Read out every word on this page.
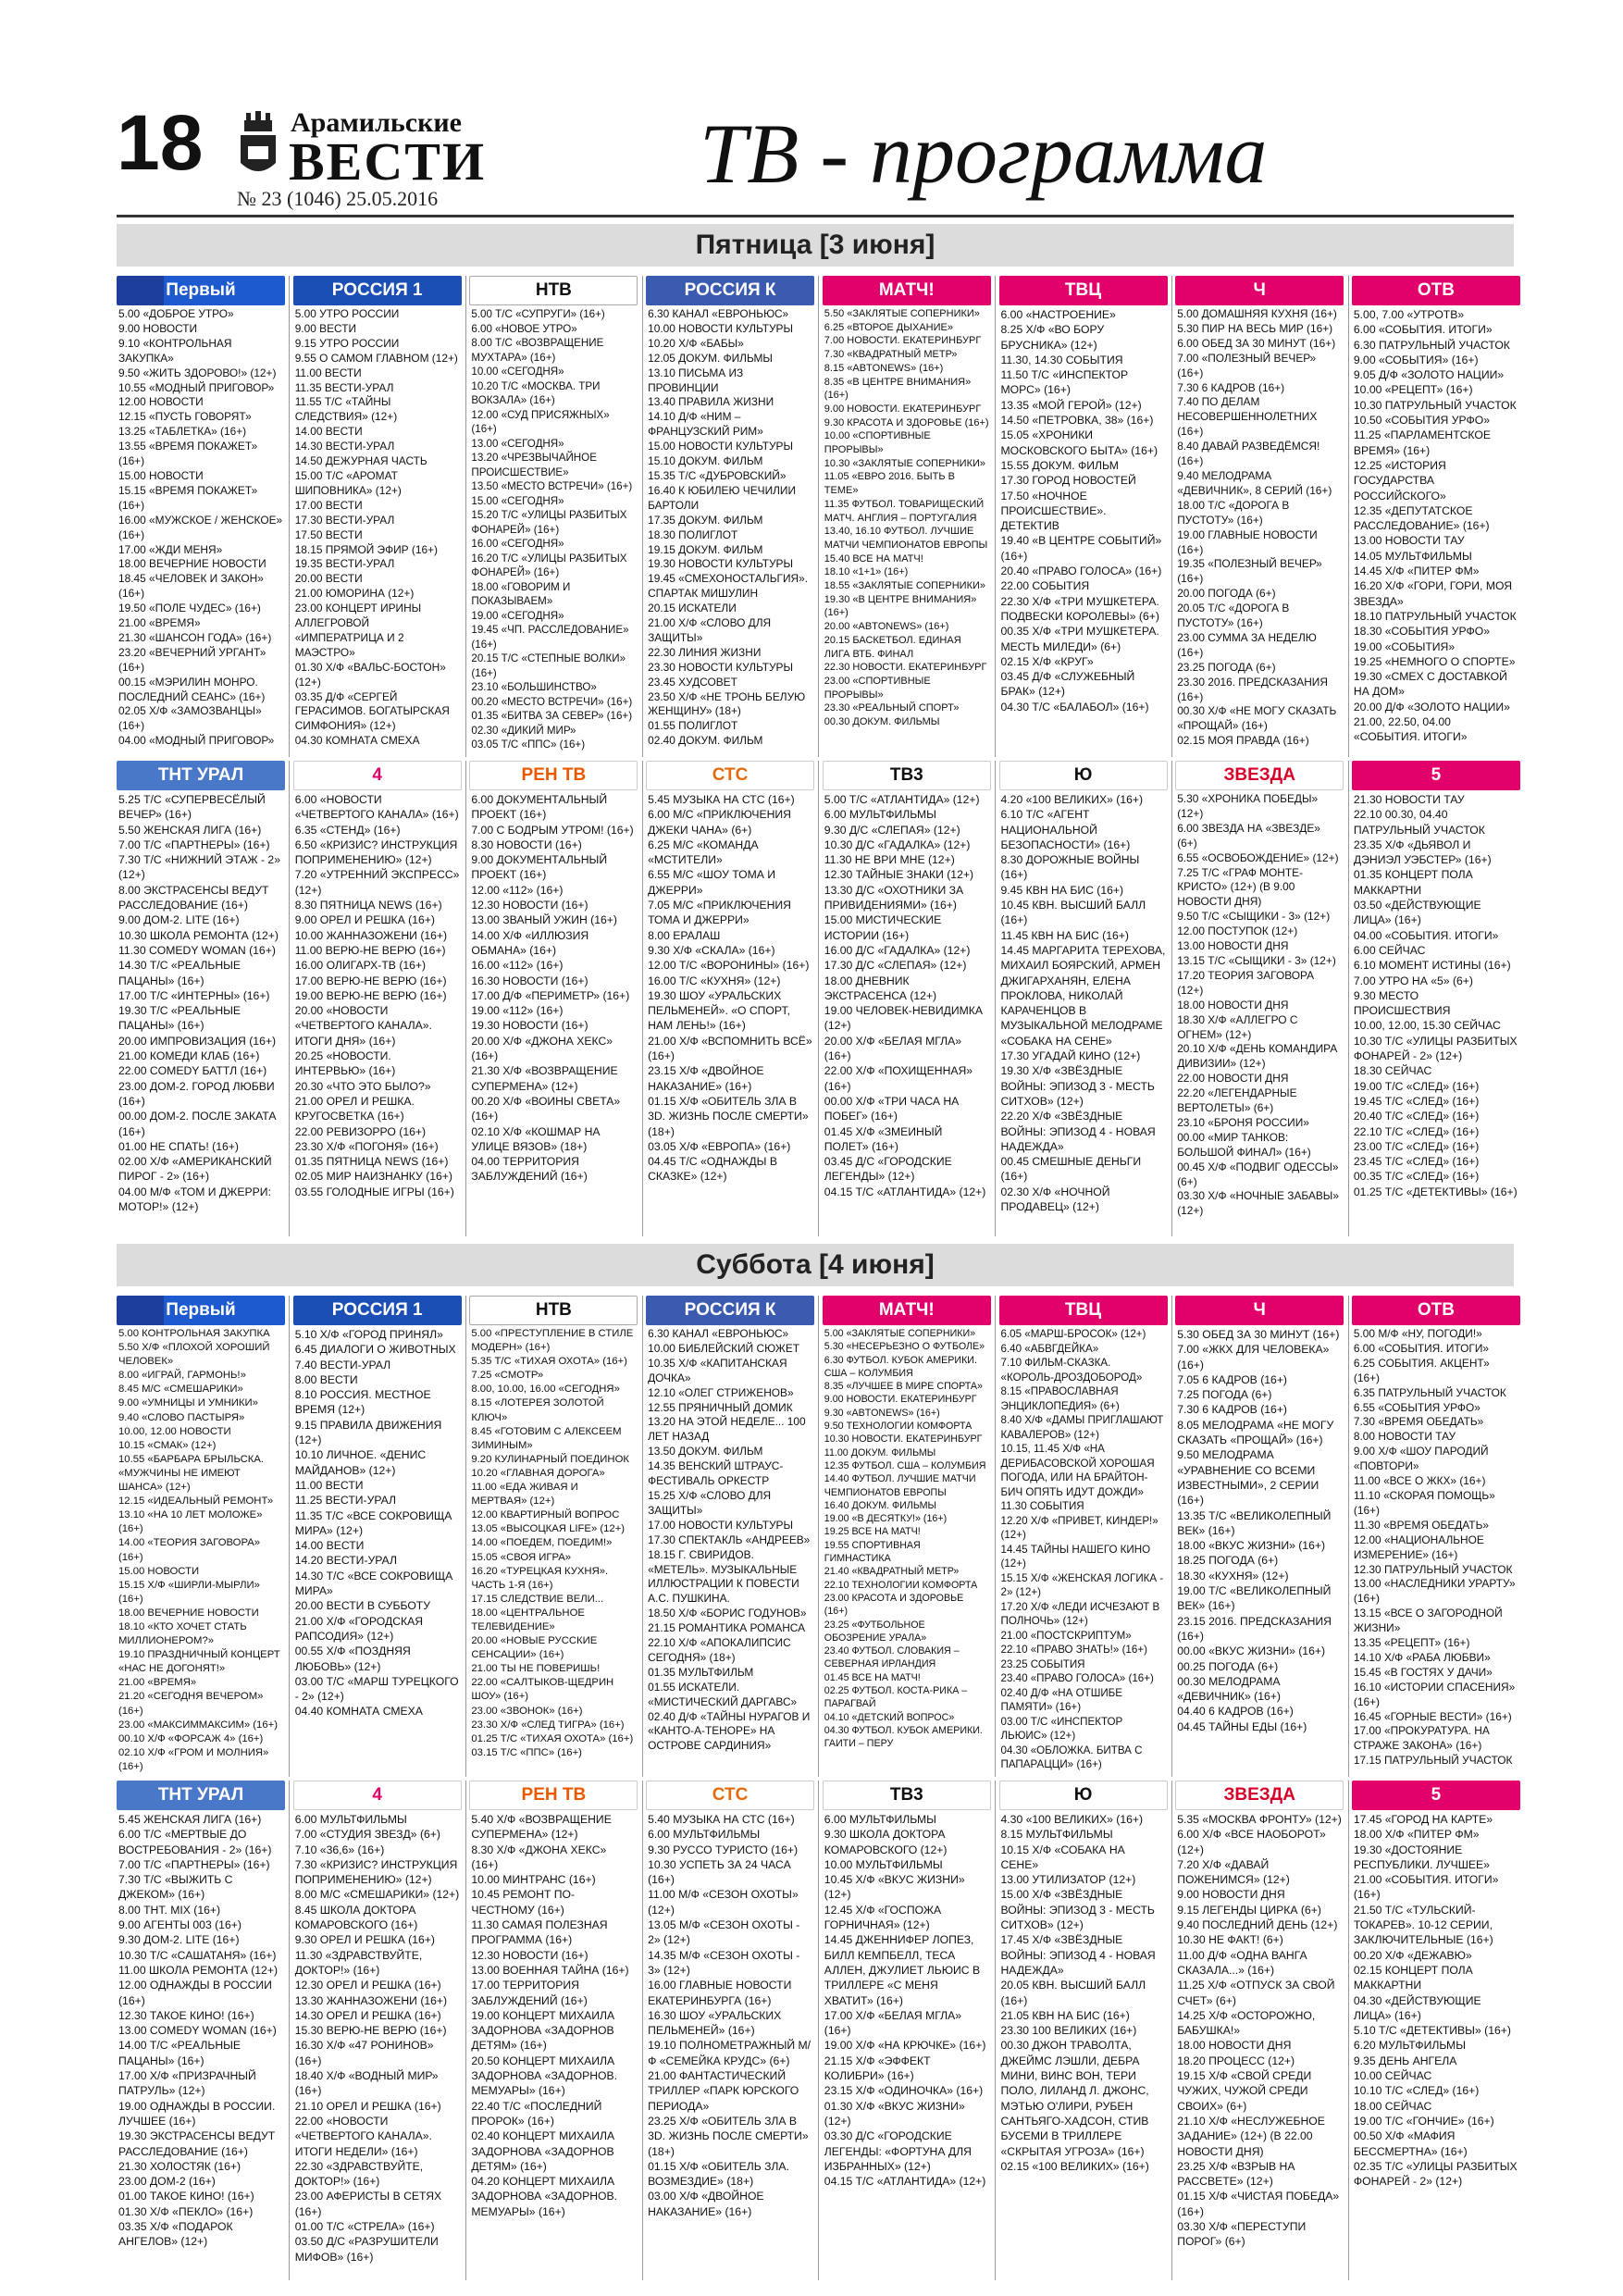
18	Арамильские
ВЕСТИ
№ 23 (1046) 25.05.2016	ТВ - программа
Пятница [3 июня]
Первый
5.00 «ДОБРОЕ УТРО»
9.00 НОВОСТИ
9.10 «КОНТРОЛЬНАЯ ЗАКУПКА»
9.50 «ЖИТЬ ЗДОРОВО!» (12+)
10.55 «МОДНЫЙ ПРИГОВОР»
12.00 НОВОСТИ
12.15 «ПУСТЬ ГОВОРЯТ»
13.25 «ТАБЛЕТКА» (16+)
13.55 «ВРЕМЯ ПОКАЖЕТ» (16+)
15.00 НОВОСТИ
15.15 «ВРЕМЯ ПОКАЖЕТ» (16+)
16.00 «МУЖСКОЕ / ЖЕНСКОЕ» (16+)
17.00 «ЖДИ МЕНЯ»
18.00 ВЕЧЕРНИЕ НОВОСТИ
18.45 «ЧЕЛОВЕК И ЗАКОН» (16+)
19.50 «ПОЛЕ ЧУДЕС» (16+)
21.00 «ВРЕМЯ»
21.30 «ШАНСОН ГОДА» (16+)
23.20 «ВЕЧЕРНИЙ УРГАНТ» (16+)
00.15 «МЭРИЛИН МОНРО. ПОСЛЕДНИЙ СЕАНС» (16+)
02.05 Х/Ф «ЗАМОЗВАНЦЫ» (16+)
04.00 «МОДНЫЙ ПРИГОВОР»
РОССИЯ 1
5.00 УТРО РОССИИ
9.00 ВЕСТИ
9.15 УТРО РОССИИ
9.55 О САМОМ ГЛАВНОМ (12+)
11.00 ВЕСТИ
11.35 ВЕСТИ-УРАЛ
11.55 Т/С «ТАЙНЫ СЛЕДСТВИЯ» (12+)
14.00 ВЕСТИ
14.30 ВЕСТИ-УРАЛ
14.50 ДЕЖУРНАЯ ЧАСТЬ
15.00 Т/С «АРОМАТ ШИПОВНИКА» (12+)
17.00 ВЕСТИ
17.30 ВЕСТИ-УРАЛ
17.50 ВЕСТИ
18.15 ПРЯМОЙ ЭФИР (16+)
19.35 ВЕСТИ-УРАЛ
20.00 ВЕСТИ
21.00 ЮМОРИНА (12+)
23.00 КОНЦЕРТ ИРИНЫ АЛЛЕГРОВОЙ «ИМПЕРАТРИЦА И 2 МАЭСТРО»
01.30 Х/Ф «ВАЛЬС-БОСТОН» (12+)
03.35 Д/Ф «СЕРГЕЙ ГЕРАСИМОВ. БОГАТЫРСКАЯ СИМФОНИЯ» (12+)
04.30 КОМНАТА СМЕХА
НТВ
5.00 Т/С «СУПРУГИ» (16+)
6.00 «НОВОЕ УТРО»
8.00 Т/С «ВОЗВРАЩЕНИЕ МУХТАРА» (16+)
10.00 «СЕГОДНЯ»
10.20 Т/С «МОСКВА. ТРИ ВОКЗАЛА» (16+)
12.00 «СУД ПРИСЯЖНЫХ» (16+)
13.00 «СЕГОДНЯ»
13.20 «ЧРЕЗВЫЧАЙНОЕ ПРОИСШЕСТВИЕ»
13.50 «МЕСТО ВСТРЕЧИ» (16+)
15.00 «СЕГОДНЯ»
15.20 Т/С «УЛИЦЫ РАЗБИТЫХ ФОНАРЕЙ» (16+)
16.00 «СЕГОДНЯ»
16.20 Т/С «УЛИЦЫ РАЗБИТЫХ ФОНАРЕЙ» (16+)
18.00 «ГОВОРИМ И ПОКАЗЫВАЕМ»
19.00 «СЕГОДНЯ»
19.45 «ЧП. РАССЛЕДОВАНИЕ» (16+)
20.15 Т/С «СТЕПНЫЕ ВОЛКИ» (16+)
23.10 «БОЛЬШИНСТВО»
00.20 «МЕСТО ВСТРЕЧИ» (16+)
01.35 «БИТВА ЗА СЕВЕР» (16+)
02.30 «ДИКИЙ МИР»
03.05 Т/С «ППС» (16+)
РОССИЯ К
6.30 КАНАЛ «ЕВРОНЬЮС»
10.00 НОВОСТИ КУЛЬТУРЫ
10.20 Х/Ф «БАБЫ»
12.05 ДОКУМ. ФИЛЬМЫ
13.10 ПИСЬМА ИЗ ПРОВИНЦИИ
13.40 ПРАВИЛА ЖИЗНИ
14.10 Д/Ф «НИМ – ФРАНЦУЗСКИЙ РИМ»
15.00 НОВОСТИ КУЛЬТУРЫ
15.10 ДОКУМ. ФИЛЬМ
15.35 Т/С «ДУБРОВСКИЙ»
16.40 К ЮБИЛЕЮ ЧЕЧИЛИИ БАРТОЛИ
17.35 ДОКУМ. ФИЛЬМ
18.30 ПОЛИГЛОТ
19.15 ДОКУМ. ФИЛЬМ
19.30 НОВОСТИ КУЛЬТУРЫ
19.45 «СМЕХОНОСТАЛЬГИЯ». СПАРТАК МИШУЛИН
20.15 ИСКАТЕЛИ
21.00 Х/Ф «СЛОВО ДЛЯ ЗАЩИТЫ»
22.30 ЛИНИЯ ЖИЗНИ
23.30 НОВОСТИ КУЛЬТУРЫ
23.45 ХУДСОВЕТ
23.50 Х/Ф «НЕ ТРОНЬ БЕЛУЮ ЖЕНЩИНУ» (18+)
01.55 ПОЛИГЛОТ
02.40 ДОКУМ. ФИЛЬМ
МАТЧ!
5.50 «ЗАКЛЯТЫЕ СОПЕРНИКИ»
6.25 «ВТОРОЕ ДЫХАНИЕ»
7.00 НОВОСТИ. ЕКАТЕРИНБУРГ
7.30 «КВАДРАТНЫЙ МЕТР»
8.15 «ABTONEWS» (16+)
8.35 «В ЦЕНТРЕ ВНИМАНИЯ» (16+)
9.00 НОВОСТИ. ЕКАТЕРИНБУРГ
9.30 КРАСОТА И ЗДОРОВЬЕ (16+)
10.00 «СПОРТИВНЫЕ ПРОРЫВЫ»
10.30 «ЗАКЛЯТЫЕ СОПЕРНИКИ»
11.05 «ЕВРО 2016. БЫТЬ В ТЕМЕ»
11.35 ФУТБОЛ. ТОВАРИЩЕСКИЙ МАТЧ. АНГЛИЯ – ПОРТУГАЛИЯ
13.40, 16.10 ФУТБОЛ. ЛУЧШИЕ МАТЧИ ЧЕМПИОНАТОВ ЕВРОПЫ
15.40 ВСЕ НА МАТЧ!
18.10 «1+1» (16+)
18.55 «ЗАКЛЯТЫЕ СОПЕРНИКИ»
19.30 «В ЦЕНТРЕ ВНИМАНИЯ» (16+)
20.00 «ABTONEWS» (16+)
20.15 БАСКЕТБОЛ. ЕДИНАЯ ЛИГА ВТБ. ФИНАЛ
22.30 НОВОСТИ. ЕКАТЕРИНБУРГ
23.00 «СПОРТИВНЫЕ ПРОРЫВЫ»
23.30 «РЕАЛЬНЫЙ СПОРТ»
00.30 ДОКУМ. ФИЛЬМЫ
ТВЦ
6.00 «НАСТРОЕНИЕ»
8.25 Х/Ф «ВО БОРУ БРУСНИКА» (12+)
11.30, 14.30 СОБЫТИЯ
11.50 Т/С «ИНСПЕКТОР МОРС» (16+)
13.35 «МОЙ ГЕРОЙ» (12+)
14.50 «ПЕТРОВКА, 38» (16+)
15.05 «ХРОНИКИ МОСКОВСКОГО БЫТА» (16+)
15.55 ДОКУМ. ФИЛЬМ
17.30 ГОРОД НОВОСТЕЙ
17.50 «НОЧНОЕ ПРОИСШЕСТВИЕ». ДЕТЕКТИВ
19.40 «В ЦЕНТРЕ СОБЫТИЙ» (16+)
20.40 «ПРАВО ГОЛОСА» (16+)
22.00 СОБЫТИЯ
22.30 Х/Ф «ТРИ МУШКЕТЕРА. ПОДВЕСКИ КОРОЛЕВЫ» (6+)
00.35 Х/Ф «ТРИ МУШКЕТЕРА. МЕСТЬ МИЛЕДИ» (6+)
02.15 Х/Ф «КРУГ»
03.45 Д/Ф «СЛУЖЕБНЫЙ БРАК» (12+)
04.30 Т/С «БАЛАБОЛ» (16+)
Ч
5.00 ДОМАШНЯЯ КУХНЯ (16+)
5.30 ПИР НА ВЕСЬ МИР (16+)
6.00 ОБЕД ЗА 30 МИНУТ (16+)
7.00 «ПОЛЕЗНЫЙ ВЕЧЕР» (16+)
7.30 6 КАДРОВ (16+)
7.40 ПО ДЕЛАМ НЕСОВЕРШЕННОЛЕТНИХ (16+)
8.40 ДАВАЙ РАЗВЕДЁМСЯ! (16+)
9.40 МЕЛОДРАМА «ДЕВИЧНИК», 8 СЕРИЙ (16+)
18.00 Т/С «ДОРОГА В ПУСТОТУ» (16+)
19.00 ГЛАВНЫЕ НОВОСТИ (16+)
19.35 «ПОЛЕЗНЫЙ ВЕЧЕР» (16+)
20.00 ПОГОДА (6+)
20.05 Т/С «ДОРОГА В ПУСТОТУ» (16+)
23.00 СУММА ЗА НЕДЕЛЮ (16+)
23.25 ПОГОДА (6+)
23.30 2016. ПРЕДСКАЗАНИЯ (16+)
00.30 Х/Ф «НЕ МОГУ СКАЗАТЬ «ПРОЩАЙ» (16+)
02.15 МОЯ ПРАВДА (16+)
ОТВ
5.00, 7.00 «УТРОТВ»
6.00 «СОБЫТИЯ. ИТОГИ»
6.30 ПАТРУЛЬНЫЙ УЧАСТОК
9.00 «СОБЫТИЯ» (16+)
9.05 Д/Ф «ЗОЛОТО НАЦИИ»
10.00 «РЕЦЕПТ» (16+)
10.30 ПАТРУЛЬНЫЙ УЧАСТОК
10.50 «СОБЫТИЯ УРФО»
11.25 «ПАРЛАМЕНТСКОЕ ВРЕМЯ» (16+)
12.25 «ИСТОРИЯ ГОСУДАРСТВА РОССИЙСКОГО»
12.35 «ДЕПУТАТСКОЕ РАССЛЕДОВАНИЕ» (16+)
13.00 НОВОСТИ ТАУ
14.05 МУЛЬТФИЛЬМЫ
14.45 Х/Ф «ПИТЕР ФМ»
16.20 Х/Ф «ГОРИ, ГОРИ, МОЯ ЗВЕЗДА»
18.10 ПАТРУЛЬНЫЙ УЧАСТОК
18.30 «СОБЫТИЯ УРФО»
19.00 «СОБЫТИЯ»
19.25 «НЕМНОГО О СПОРТЕ»
19.30 «СМЕХ С ДОСТАВКОЙ НА ДОМ»
20.00 Д/Ф «ЗОЛОТО НАЦИИ»
21.00, 22.50, 04.00 «СОБЫТИЯ. ИТОГИ»
ТНТ УРАЛ
5.25 Т/С «СУПЕРВЕСЁЛЫЙ ВЕЧЕР» (16+)
5.50 ЖЕНСКАЯ ЛИГА (16+)
7.00 Т/С «ПАРТНЕРЫ» (16+)
7.30 Т/С «НИЖНИЙ ЭТАЖ - 2» (12+)
8.00 ЭКСТРАСЕНСЫ ВЕДУТ РАССЛЕДОВАНИЕ (16+)
9.00 ДОМ-2. LITE (16+)
10.30 ШКОЛА РЕМОНТА (12+)
11.30 COMEDY WOMAN (16+)
14.30 Т/С «РЕАЛЬНЫЕ ПАЦАНЫ» (16+)
17.00 Т/С «ИНТЕРНЫ» (16+)
19.30 Т/С «РЕАЛЬНЫЕ ПАЦАНЫ» (16+)
20.00 ИМПРОВИЗАЦИЯ (16+)
21.00 КОМЕДИ КЛАБ (16+)
22.00 COMEDY БАТТЛ (16+)
23.00 ДОМ-2. ГОРОД ЛЮБВИ (16+)
00.00 ДОМ-2. ПОСЛЕ ЗАКАТА (16+)
01.00 НЕ СПАТЬ! (16+)
02.00 Х/Ф «АМЕРИКАНСКИЙ ПИРОГ - 2» (16+)
04.00 М/Ф «ТОМ И ДЖЕРРИ: МОТОР!» (12+)
4
6.00 «НОВОСТИ «ЧЕТВЕРТОГО КАНАЛА» (16+)
6.35 «СТЕНД» (16+)
6.50 «КРИЗИС? ИНСТРУКЦИЯ ПОПРИМЕНЕНИЮ» (12+)
7.20 «УТРЕННИЙ ЭКСПРЕСС» (12+)
8.30 ПЯТНИЦА NEWS (16+)
9.00 ОРЕЛ И РЕШКА (16+)
10.00 ЖАННАЗОЖЕНИ (16+)
11.00 ВЕРЮ-НЕ ВЕРЮ (16+)
16.00 ОЛИГАРХ-ТВ (16+)
17.00 ВЕРЮ-НЕ ВЕРЮ (16+)
19.00 ВЕРЮ-НЕ ВЕРЮ (16+)
20.00 «НОВОСТИ «ЧЕТВЕРТОГО КАНАЛА». ИТОГИ ДНЯ» (16+)
20.25 «НОВОСТИ. ИНТЕРВЬЮ» (16+)
20.30 «ЧТО ЭТО БЫЛО?»
21.00 ОРЕЛ И РЕШКА. КРУГОСВЕТКА (16+)
22.00 РЕВИЗОРРО (16+)
23.30 Х/Ф «ПОГОНЯ» (16+)
01.35 ПЯТНИЦА NEWS (16+)
02.05 МИР НАИЗНАНКУ (16+)
03.55 ГОЛОДНЫЕ ИГРЫ (16+)
РЕН ТВ
6.00 ДОКУМЕНТАЛЬНЫЙ ПРОЕКТ (16+)
7.00 С БОДРЫМ УТРОМ! (16+)
8.30 НОВОСТИ (16+)
9.00 ДОКУМЕНТАЛЬНЫЙ ПРОЕКТ (16+)
12.00 «112» (16+)
12.30 НОВОСТИ (16+)
13.00 ЗВАНЫЙ УЖИН (16+)
14.00 Х/Ф «ИЛЛЮЗИЯ ОБМАНА» (16+)
16.00 «112» (16+)
16.30 НОВОСТИ (16+)
17.00 Д/Ф «ПЕРИМЕТР» (16+)
19.00 «112» (16+)
19.30 НОВОСТИ (16+)
20.00 Х/Ф «ДЖОНА ХЕКС» (16+)
21.30 Х/Ф «ВОЗВРАЩЕНИЕ СУПЕРМЕНА» (12+)
00.20 Х/Ф «ВОИНЫ СВЕТА» (16+)
02.10 Х/Ф «КОШМАР НА УЛИЦЕ ВЯЗОВ» (18+)
04.00 ТЕРРИТОРИЯ ЗАБЛУЖДЕНИЙ (16+)
СТС
5.45 МУЗЫКА НА СТС (16+)
6.00 М/С «ПРИКЛЮЧЕНИЯ ДЖЕКИ ЧАНА» (6+)
6.25 М/С «КОМАНДА «МСТИТЕЛИ»
6.55 М/С «ШОУ ТОМА И ДЖЕРРИ»
7.05 М/С «ПРИКЛЮЧЕНИЯ ТОМА И ДЖЕРРИ»
8.00 ЕРАЛАШ
9.30 Х/Ф «СКАЛА» (16+)
12.00 Т/С «ВОРОНИНЫ» (16+)
16.00 Т/С «КУХНЯ» (12+)
19.30 ШОУ «УРАЛЬСКИХ ПЕЛЬМЕНЕЙ». «О СПОРТ, НАМ ЛЕНЬ!» (16+)
21.00 Х/Ф «ВСПОМНИТЬ ВСЁ» (16+)
23.15 Х/Ф «ДВОЙНОЕ НАКАЗАНИЕ» (16+)
01.15 Х/Ф «ОБИТЕЛЬ ЗЛА В 3D. ЖИЗНЬ ПОСЛЕ СМЕРТИ» (18+)
03.05 Х/Ф «ЕВРОПА» (16+)
04.45 Т/С «ОДНАЖДЫ В СКАЗКЕ» (12+)
ТВ3
5.00 Т/С «АТЛАНТИДА» (12+)
6.00 МУЛЬТФИЛЬМЫ
9.30 Д/С «СЛЕПАЯ» (12+)
10.30 Д/С «ГАДАЛКА» (12+)
11.30 НЕ ВРИ МНЕ (12+)
12.30 ТАЙНЫЕ ЗНАКИ (12+)
13.30 Д/С «ОХОТНИКИ ЗА ПРИВИДЕНИЯМИ» (16+)
15.00 МИСТИЧЕСКИЕ ИСТОРИИ (16+)
16.00 Д/С «ГАДАЛКА» (12+)
17.30 Д/С «СЛЕПАЯ» (12+)
18.00 ДНЕВНИК ЭКСТРАСЕНСА (12+)
19.00 ЧЕЛОВЕК-НЕВИДИМКА (12+)
20.00 Х/Ф «БЕЛАЯ МГЛА» (16+)
22.00 Х/Ф «ПОХИЩЕННАЯ» (16+)
00.00 Х/Ф «ТРИ ЧАСА НА ПОБЕГ» (16+)
01.45 Х/Ф «ЗМЕИНЫЙ ПОЛЕТ» (16+)
03.45 Д/С «ГОРОДСКИЕ ЛЕГЕНДЫ» (12+)
04.15 Т/С «АТЛАНТИДА» (12+)
Ю
4.20 «100 ВЕЛИКИХ» (16+)
6.10 Т/С «АГЕНТ НАЦИОНАЛЬНОЙ БЕЗОПАСНОСТИ» (16+)
8.30 ДОРОЖНЫЕ ВОЙНЫ (16+)
9.45 КВН НА БИС (16+)
10.45 КВН. ВЫСШИЙ БАЛЛ (16+)
11.45 КВН НА БИС (16+)
14.45 МАРГАРИТА ТЕРЕХОВА, МИХАИЛ БОЯРСКИЙ, АРМЕН ДЖИГАРХАНЯН, ЕЛЕНА ПРОКЛОВА, НИКОЛАЙ КАРАЧЕНЦОВ В МУЗЫКАЛЬНОЙ МЕЛОДРАМЕ «СОБАКА НА СЕНЕ»
17.30 УГАДАЙ КИНО (12+)
19.30 Х/Ф «ЗВЁЗДНЫЕ ВОЙНЫ: ЭПИЗОД 3 - МЕСТЬ СИТХОВ» (12+)
22.20 Х/Ф «ЗВЁЗДНЫЕ ВОЙНЫ: ЭПИЗОД 4 - НОВАЯ НАДЕЖДА»
00.45 СМЕШНЫЕ ДЕНЬГИ (16+)
02.30 Х/Ф «НОЧНОЙ ПРОДАВЕЦ» (12+)
ЗВЕЗДА
5.30 «ХРОНИКА ПОБЕДЫ» (12+)
6.00 ЗВЕЗДА НА «ЗВЕЗДЕ» (6+)
6.55 «ОСВОБОЖДЕНИЕ» (12+)
7.25 Т/С «ГРАФ МОНТЕ-КРИСТО» (12+) (В 9.00 НОВОСТИ ДНЯ)
9.50 Т/С «СЫЩИКИ - 3» (12+)
12.00 ПОСТУПОК (12+)
13.00 НОВОСТИ ДНЯ
13.15 Т/С «СЫЩИКИ - 3» (12+)
17.20 ТЕОРИЯ ЗАГОВОРА (12+)
18.00 НОВОСТИ ДНЯ
18.30 Х/Ф «АЛЛЕГРО С ОГНЕМ» (12+)
20.10 Х/Ф «ДЕНЬ КОМАНДИРА ДИВИЗИИ» (12+)
22.00 НОВОСТИ ДНЯ
22.20 «ЛЕГЕНДАРНЫЕ ВЕРТОЛЕТЫ» (6+)
23.10 «БРОНЯ РОССИИ»
00.00 «МИР ТАНКОВ: БОЛЬШОЙ ФИНАЛ» (16+)
00.45 Х/Ф «ПОДВИГ ОДЕССЫ» (6+)
03.30 Х/Ф «НОЧНЫЕ ЗАБАВЫ» (12+)
5
21.30 НОВОСТИ ТАУ
22.10 00.30, 04.40 ПАТРУЛЬНЫЙ УЧАСТОК
23.35 Х/Ф «ДЬЯВОЛ И ДЭНИЭЛ УЭБСТЕР» (16+)
01.35 КОНЦЕРТ ПОЛА МАККАРТНИ
03.50 «ДЕЙСТВУЮЩИЕ ЛИЦА» (16+)
04.00 «СОБЫТИЯ. ИТОГИ»
6.00 СЕЙЧАС
6.10 МОМЕНТ ИСТИНЫ (16+)
7.00 УТРО НА «5» (6+)
9.30 МЕСТО ПРОИСШЕСТВИЯ
10.00, 12.00, 15.30 СЕЙЧАС
10.30 Т/С «УЛИЦЫ РАЗБИТЫХ ФОНАРЕЙ - 2» (12+)
18.30 СЕЙЧАС
19.00 Т/С «СЛЕД» (16+)
19.45 Т/С «СЛЕД» (16+)
20.40 Т/С «СЛЕД» (16+)
22.10 Т/С «СЛЕД» (16+)
23.00 Т/С «СЛЕД» (16+)
23.45 Т/С «СЛЕД» (16+)
00.35 Т/С «СЛЕД» (16+)
01.25 Т/С «ДЕТЕКТИВЫ» (16+)
Суббота [4 июня]
Первый
5.00 КОНТРОЛЬНАЯ ЗАКУПКА
5.50 Х/Ф «ПЛОХОЙ ХОРОШИЙ ЧЕЛОВЕК»
8.00 «ИГРАЙ, ГАРМОНЬ!»
8.45 М/С «СМЕШАРИКИ»
9.00 «УМНИЦЫ И УМНИКИ»
9.40 «СЛОВО ПАСТЫРЯ»
10.00, 12.00 НОВОСТИ
10.15 «СМАК» (12+)
10.55 «БАРБАРА БРЫЛЬСКА. «МУЖЧИНЫ НЕ ИМЕЮТ ШАНСА» (12+)
12.15 «ИДЕАЛЬНЫЙ РЕМОНТ»
13.10 «НА 10 ЛЕТ МОЛОЖЕ» (16+)
14.00 «ТЕОРИЯ ЗАГОВОРА» (16+)
15.00 НОВОСТИ
15.15 Х/Ф «ШИРЛИ-МЫРЛИ» (16+)
18.00 ВЕЧЕРНИЕ НОВОСТИ
18.10 «КТО ХОЧЕТ СТАТЬ МИЛЛИОНЕРОМ?»
19.10 ПРАЗДНИЧНЫЙ КОНЦЕРТ «НАС НЕ ДОГОНЯТ!»
21.00 «ВРЕМЯ»
21.20 «СЕГОДНЯ ВЕЧЕРОМ» (16+)
23.00 «МАКСИММАКСИМ» (16+)
00.10 Х/Ф «ФОРСАЖ 4» (16+)
02.10 Х/Ф «ГРОМ И МОЛНИЯ» (16+)
РОССИЯ 1
5.10 Х/Ф «ГОРОД ПРИНЯЛ»
6.45 ДИАЛОГИ О ЖИВОТНЫХ
7.40 ВЕСТИ-УРАЛ
8.00 ВЕСТИ
8.10 РОССИЯ. МЕСТНОЕ ВРЕМЯ (12+)
9.15 ПРАВИЛА ДВИЖЕНИЯ (12+)
10.10 ЛИЧНОЕ. «ДЕНИС МАЙДАНОВ» (12+)
11.00 ВЕСТИ
11.25 ВЕСТИ-УРАЛ
11.35 Т/С «ВСЕ СОКРОВИЩА МИРА» (12+)
14.00 ВЕСТИ
14.20 ВЕСТИ-УРАЛ
14.30 Т/С «ВСЕ СОКРОВИЩА МИРА»
20.00 ВЕСТИ В СУББОТУ
21.00 Х/Ф «ГОРОДСКАЯ РАПСОДИЯ» (12+)
00.55 Х/Ф «ПОЗДНЯЯ ЛЮБОВЬ» (12+)
03.00 Т/С «МАРШ ТУРЕЦКОГО - 2» (12+)
04.40 КОМНАТА СМЕХА
НТВ
5.00 «ПРЕСТУПЛЕНИЕ В СТИЛЕ МОДЕРН» (16+)
5.35 Т/С «ТИХАЯ ОХОТА» (16+)
7.25 «СМОТР»
8.00, 10.00, 16.00 «СЕГОДНЯ»
8.15 «ЛОТЕРЕЯ ЗОЛОТОЙ КЛЮЧ»
8.45 «ГОТОВИМ С АЛЕКСЕЕМ ЗИМИНЫМ»
9.20 КУЛИНАРНЫЙ ПОЕДИНОК
10.20 «ГЛАВНАЯ ДОРОГА»
11.00 «ЕДА ЖИВАЯ И МЕРТВАЯ» (12+)
12.00 КВАРТИРНЫЙ ВОПРОС
13.05 «ВЫСОЦКАЯ LIFE» (12+)
14.00 «ПОЕДЕМ, ПОЕДИМ!»
15.05 «СВОЯ ИГРА»
16.20 «ТУРЕЦКАЯ КУХНЯ». ЧАСТЬ 1-Я (16+)
17.15 СЛЕДСТВИЕ ВЕЛИ...
18.00 «ЦЕНТРАЛЬНОЕ ТЕЛЕВИДЕНИЕ»
20.00 «НОВЫЕ РУССКИЕ СЕНСАЦИИ» (16+)
21.00 ТЫ НЕ ПОВЕРИШЬ!
22.00 «САЛТЫКОВ-ЩЕДРИН ШОУ» (16+)
23.00 «ЗВОНОК» (16+)
23.30 Х/Ф «СЛЕД ТИГРА» (16+)
01.25 Т/С «ТИХАЯ ОХОТА» (16+)
03.15 Т/С «ППС» (16+)
РОССИЯ К
6.30 КАНАЛ «ЕВРОНЬЮС»
10.00 БИБЛЕЙСКИЙ СЮЖЕТ
10.35 Х/Ф «КАПИТАНСКАЯ ДОЧКА»
12.10 «ОЛЕГ СТРИЖЕНОВ»
12.55 ПРЯНИЧНЫЙ ДОМИК
13.20 НА ЭТОЙ НЕДЕЛЕ... 100 ЛЕТ НАЗАД
13.50 ДОКУМ. ФИЛЬМ
14.35 ВЕНСКИЙ ШТРАУС-ФЕСТИВАЛЬ ОРКЕСТР
15.25 Х/Ф «СЛОВО ДЛЯ ЗАЩИТЫ»
17.00 НОВОСТИ КУЛЬТУРЫ
17.30 СПЕКТАКЛЬ «АНДРЕЕВ»
18.15 Г. СВИРИДОВ. «МЕТЕЛЬ». МУЗЫКАЛЬНЫЕ ИЛЛЮСТРАЦИИ К ПОВЕСТИ А.С. ПУШКИНА.
18.50 Х/Ф «БОРИС ГОДУНОВ»
21.15 РОМАНТИКА РОМАНСА
22.10 Х/Ф «АПОКАЛИПСИС СЕГОДНЯ» (18+)
01.35 МУЛЬТФИЛЬМ
01.55 ИСКАТЕЛИ. «МИСТИЧЕСКИЙ ДАРГАВС»
02.40 Д/Ф «ТАЙНЫ НУРАГОВ И «КАНТО-А-ТЕНОРЕ» НА ОСТРОВЕ САРДИНИЯ»
МАТЧ!
5.00 «ЗАКЛЯТЫЕ СОПЕРНИКИ»
5.30 «НЕСЕРЬЕЗНО О ФУТБОЛЕ»
6.30 ФУТБОЛ. КУБОК АМЕРИКИ. США – КОЛУМБИЯ
8.35 «ЛУЧШЕЕ В МИРЕ СПОРТА»
9.00 НОВОСТИ. ЕКАТЕРИНБУРГ
9.30 «ABTONEWS» (16+)
9.50 ТЕХНОЛОГИИ КОМФОРТА
10.30 НОВОСТИ. ЕКАТЕРИНБУРГ
11.00 ДОКУМ. ФИЛЬМЫ
12.35 ФУТБОЛ. США – КОЛУМБИЯ
14.40 ФУТБОЛ. ЛУЧШИЕ МАТЧИ ЧЕМПИОНАТОВ ЕВРОПЫ
16.40 ДОКУМ. ФИЛЬМЫ
19.00 «В ДЕСЯТКУ!» (16+)
19.25 ВСЕ НА МАТЧ!
19.55 СПОРТИВНАЯ ГИМНАСТИКА
21.40 «КВАДРАТНЫЙ МЕТР»
22.10 ТЕХНОЛОГИИ КОМФОРТА
23.00 КРАСОТА И ЗДОРОВЬЕ (16+)
23.25 «ФУТБОЛЬНОЕ ОБОЗРЕНИЕ УРАЛА»
23.40 ФУТБОЛ. СЛОВАКИЯ – СЕВЕРНАЯ ИРЛАНДИЯ
01.45 ВСЕ НА МАТЧ!
02.25 ФУТБОЛ. КОСТА-РИКА – ПАРАГВАЙ
04.10 «ДЕТСКИЙ ВОПРОС»
04.30 ФУТБОЛ. КУБОК АМЕРИКИ. ГАИТИ – ПЕРУ
ТВЦ
6.05 «МАРШ-БРОСОК» (12+)
6.40 «АБВГДЕЙКА»
7.10 ФИЛЬМ-СКАЗКА. «КОРОЛЬ-ДРОЗДОБОРОД»
8.15 «ПРАВОСЛАВНАЯ ЭНЦИКЛОПЕДИЯ» (6+)
8.40 Х/Ф «ДАМЫ ПРИГЛАШАЮТ КАВАЛЕРОВ» (12+)
10.15, 11.45 Х/Ф «НА ДЕРИБАСОВСКОЙ ХОРОШАЯ ПОГОДА, ИЛИ НА БРАЙТОН-БИЧ ОПЯТЬ ИДУТ ДОЖДИ»
11.30 СОБЫТИЯ
12.20 Х/Ф «ПРИВЕТ, КИНДЕР!» (12+)
14.45 ТАЙНЫ НАШЕГО КИНО (12+)
15.15 Х/Ф «ЖЕНСКАЯ ЛОГИКА - 2» (12+)
17.20 Х/Ф «ЛЕДИ ИСЧЕЗАЮТ В ПОЛНОЧЬ» (12+)
21.00 «ПОСТСКРИПТУМ»
22.10 «ПРАВО ЗНАТЬ!» (16+)
23.25 СОБЫТИЯ
23.40 «ПРАВО ГОЛОСА» (16+)
02.40 Д/Ф «НА ОТШИБЕ ПАМЯТИ» (16+)
03.00 Т/С «ИНСПЕКТОР ЛЬЮИС» (12+)
04.30 «ОБЛОЖКА. БИТВА С ПАПАРАЦЦИ» (16+)
Ч
5.30 ОБЕД ЗА 30 МИНУТ (16+)
7.00 «ЖКХ ДЛЯ ЧЕЛОВЕКА» (16+)
7.05 6 КАДРОВ (16+)
7.25 ПОГОДА (6+)
7.30 6 КАДРОВ (16+)
8.05 МЕЛОДРАМА «НЕ МОГУ СКАЗАТЬ «ПРОЩАЙ» (16+)
9.50 МЕЛОДРАМА «УРАВНЕНИЕ СО ВСЕМИ ИЗВЕСТНЫМИ», 2 СЕРИИ (16+)
13.35 Т/С «ВЕЛИКОЛЕПНЫЙ ВЕК» (16+)
18.00 «ВКУС ЖИЗНИ» (16+)
18.25 ПОГОДА (6+)
18.30 «КУХНЯ» (12+)
19.00 Т/С «ВЕЛИКОЛЕПНЫЙ ВЕК» (16+)
23.15 2016. ПРЕДСКАЗАНИЯ (16+)
00.00 «ВКУС ЖИЗНИ» (16+)
00.25 ПОГОДА (6+)
00.30 МЕЛОДРАМА «ДЕВИЧНИК» (16+)
04.40 6 КАДРОВ (16+)
04.45 ТАЙНЫ ЕДЫ (16+)
ОТВ
5.00 М/Ф «НУ, ПОГОДИ!»
6.00 «СОБЫТИЯ. ИТОГИ»
6.25 СОБЫТИЯ. АКЦЕНТ» (16+)
6.35 ПАТРУЛЬНЫЙ УЧАСТОК
6.55 «СОБЫТИЯ УРФО»
7.30 «ВРЕМЯ ОБЕДАТЬ»
8.00 НОВОСТИ ТАУ
9.00 Х/Ф «ШОУ ПАРОДИЙ «ПОВТОРИ»
11.00 «ВСЕ О ЖКХ» (16+)
11.10 «СКОРАЯ ПОМОЩЬ» (16+)
11.30 «ВРЕМЯ ОБЕДАТЬ»
12.00 «НАЦИОНАЛЬНОЕ ИЗМЕРЕНИЕ» (16+)
12.30 ПАТРУЛЬНЫЙ УЧАСТОК
13.00 «НАСЛЕДНИКИ УРАРТУ» (16+)
13.15 «ВСЕ О ЗАГОРОДНОЙ ЖИЗНИ»
13.35 «РЕЦЕПТ» (16+)
14.10 Х/Ф «РАБА ЛЮБВИ»
15.45 «В ГОСТЯХ У ДАЧИ»
16.10 «ИСТОРИИ СПАСЕНИЯ» (16+)
16.45 «ГОРНЫЕ ВЕСТИ» (16+)
17.00 «ПРОКУРАТУРА. НА СТРАЖЕ ЗАКОНА» (16+)
17.15 ПАТРУЛЬНЫЙ УЧАСТОК
ТНТ УРАЛ
5.45 ЖЕНСКАЯ ЛИГА (16+)
6.00 Т/С «МЕРТВЫЕ ДО ВОСТРЕБОВАНИЯ - 2» (16+)
7.00 Т/С «ПАРТНЕРЫ» (16+)
7.30 Т/С «ВЫЖИТЬ С ДЖЕКОМ» (16+)
8.00 ТНТ. MIX (16+)
9.00 АГЕНТЫ 003 (16+)
9.30 ДОМ-2. LITE (16+)
10.30 Т/С «САШАТАНЯ» (16+)
11.00 ШКОЛА РЕМОНТА (12+)
12.00 ОДНАЖДЫ В РОССИИ (16+)
12.30 ТАКОЕ КИНО! (16+)
13.00 COMEDY WOMAN (16+)
14.00 Т/С «РЕАЛЬНЫЕ ПАЦАНЫ» (16+)
17.00 Х/Ф «ПРИЗРАЧНЫЙ ПАТРУЛЬ» (12+)
19.00 ОДНАЖДЫ В РОССИИ. ЛУЧШЕЕ (16+)
19.30 ЭКСТРАСЕНСЫ ВЕДУТ РАССЛЕДОВАНИЕ (16+)
21.30 ХОЛОСТЯК (16+)
23.00 ДОМ-2 (16+)
01.00 ТАКОЕ КИНО! (16+)
01.30 Х/Ф «ПЕКЛО» (16+)
03.35 Х/Ф «ПОДАРОК АНГЕЛОВ» (12+)
4
6.00 МУЛЬТФИЛЬМЫ
7.00 «СТУДИЯ ЗВЕЗД» (6+)
7.10 «36,6» (16+)
7.30 «КРИЗИС? ИНСТРУКЦИЯ ПОПРИМЕНЕНИЮ» (12+)
8.00 М/С «СМЕШАРИКИ» (12+)
8.45 ШКОЛА ДОКТОРА КОМАРОВСКОГО (16+)
9.30 ОРЕЛ И РЕШКА (16+)
11.30 «ЗДРАВСТВУЙТЕ, ДОКТОР!» (16+)
12.30 ОРЕЛ И РЕШКА (16+)
13.30 ЖАННАЗОЖЕНИ (16+)
14.30 ОРЕЛ И РЕШКА (16+)
15.30 ВЕРЮ-НЕ ВЕРЮ (16+)
16.30 Х/Ф «47 РОНИНОВ» (16+)
18.40 Х/Ф «ВОДНЫЙ МИР» (16+)
21.10 ОРЕЛ И РЕШКА (16+)
22.00 «НОВОСТИ «ЧЕТВЕРТОГО КАНАЛА». ИТОГИ НЕДЕЛИ» (16+)
22.30 «ЗДРАВСТВУЙТЕ, ДОКТОР!» (16+)
23.00 АФЕРИСТЫ В СЕТЯХ (16+)
01.00 Т/С «СТРЕЛА» (16+)
03.50 Д/С «РАЗРУШИТЕЛИ МИФОВ» (16+)
РЕН ТВ
5.40 Х/Ф «ВОЗВРАЩЕНИЕ СУПЕРМЕНА» (12+)
8.30 Х/Ф «ДЖОНА ХЕКС» (16+)
10.00 МИНТРАНС (16+)
10.45 РЕМОНТ ПО-ЧЕСТНОМУ (16+)
11.30 САМАЯ ПОЛЕЗНАЯ ПРОГРАММА (16+)
12.30 НОВОСТИ (16+)
13.00 ВОЕННАЯ ТАЙНА (16+)
17.00 ТЕРРИТОРИЯ ЗАБЛУЖДЕНИЙ (16+)
19.00 КОНЦЕРТ МИХАИЛА ЗАДОРНОВА «ЗАДОРНОВ ДЕТЯМ» (16+)
20.50 КОНЦЕРТ МИХАИЛА ЗАДОРНОВА «ЗАДОРНОВ. МЕМУАРЫ» (16+)
22.40 Т/С «ПОСЛЕДНИЙ ПРОРОК» (16+)
02.40 КОНЦЕРТ МИХАИЛА ЗАДОРНОВА «ЗАДОРНОВ ДЕТЯМ» (16+)
04.20 КОНЦЕРТ МИХАИЛА ЗАДОРНОВА «ЗАДОРНОВ. МЕМУАРЫ» (16+)
СТС
5.40 МУЗЫКА НА СТС (16+)
6.00 МУЛЬТФИЛЬМЫ
9.30 РУССО ТУРИСТО (16+)
10.30 УСПЕТЬ ЗА 24 ЧАСА (16+)
11.00 М/Ф «СЕЗОН ОХОТЫ» (12+)
13.05 М/Ф «СЕЗОН ОХОТЫ - 2» (12+)
14.35 М/Ф «СЕЗОН ОХОТЫ - 3» (12+)
16.00 ГЛАВНЫЕ НОВОСТИ ЕКАТЕРИНБУРГА (16+)
16.30 ШОУ «УРАЛЬСКИХ ПЕЛЬМЕНЕЙ» (16+)
19.10 ПОЛНОМЕТРАЖНЫЙ М/Ф «СЕМЕЙКА КРУДС» (6+)
21.00 ФАНТАСТИЧЕСКИЙ ТРИЛЛЕР «ПАРК ЮРСКОГО ПЕРИОДА»
23.25 Х/Ф «ОБИТЕЛЬ ЗЛА В 3D. ЖИЗНЬ ПОСЛЕ СМЕРТИ» (18+)
01.15 Х/Ф «ОБИТЕЛЬ ЗЛА. ВОЗМЕЗДИЕ» (18+)
03.00 Х/Ф «ДВОЙНОЕ НАКАЗАНИЕ» (16+)
ТВ3
6.00 МУЛЬТФИЛЬМЫ
9.30 ШКОЛА ДОКТОРА КОМАРОВСКОГО (12+)
10.00 МУЛЬТФИЛЬМЫ
10.45 Х/Ф «ВКУС ЖИЗНИ» (12+)
12.45 Х/Ф «ГОСПОЖА ГОРНИЧНАЯ» (12+)
14.45 ДЖЕННИФЕР ЛОПЕЗ, БИЛЛ КЕМПБЕЛЛ, ТЕСА АЛЛЕН, ДЖУЛИЕТ ЛЬЮИС В ТРИЛЛЕРЕ «С МЕНЯ ХВАТИТ» (16+)
17.00 Х/Ф «БЕЛАЯ МГЛА» (16+)
19.00 Х/Ф «НА КРЮЧКЕ» (16+)
21.15 Х/Ф «ЭФФЕКТ КОЛИБРИ» (16+)
23.15 Х/Ф «ОДИНОЧКА» (16+)
01.30 Х/Ф «ВКУС ЖИЗНИ» (12+)
03.30 Д/С «ГОРОДСКИЕ ЛЕГЕНДЫ: «ФОРТУНА ДЛЯ ИЗБРАННЫХ» (12+)
04.15 Т/С «АТЛАНТИДА» (12+)
Ю
4.30 «100 ВЕЛИКИХ» (16+)
8.15 МУЛЬТФИЛЬМЫ
10.15 Х/Ф «СОБАКА НА СЕНЕ»
13.00 УТИЛИЗАТОР (12+)
15.00 Х/Ф «ЗВЁЗДНЫЕ ВОЙНЫ: ЭПИЗОД 3 - МЕСТЬ СИТХОВ» (12+)
17.45 Х/Ф «ЗВЁЗДНЫЕ ВОЙНЫ: ЭПИЗОД 4 - НОВАЯ НАДЕЖДА»
20.05 КВН. ВЫСШИЙ БАЛЛ (16+)
21.05 КВН НА БИС (16+)
23.30 100 ВЕЛИКИХ (16+)
00.30 ДЖОН ТРАВОЛТА, ДЖЕЙМС ЛЭШЛИ, ДЕБРА МИНИ, ВИНС ВОН, ТЕРИ ПОЛО, ЛИЛАНД Л. ДЖОНС, МЭТЬЮ О'ЛИРИ, РУБЕН САНТЬЯГО-ХАДСОН, СТИВ БУСЕМИ В ТРИЛЛЕРЕ «СКРЫТАЯ УГРОЗА» (16+)
02.15 «100 ВЕЛИКИХ» (16+)
ЗВЕЗДА
5.35 «МОСКВА ФРОНТУ» (12+)
6.00 Х/Ф «ВСЕ НАОБОРОТ» (12+)
7.20 Х/Ф «ДАВАЙ ПОЖЕНИМСЯ» (12+)
9.00 НОВОСТИ ДНЯ
9.15 ЛЕГЕНДЫ ЦИРКА (6+)
9.40 ПОСЛЕДНИЙ ДЕНЬ (12+)
10.30 НЕ ФАКТ! (6+)
11.00 Д/Ф «ОДНА ВАНГА СКАЗАЛА...» (16+)
11.25 Х/Ф «ОТПУСК ЗА СВОЙ СЧЕТ» (6+)
14.25 Х/Ф «ОСТОРОЖНО, БАБУШКА!»
18.00 НОВОСТИ ДНЯ
18.20 ПРОЦЕСС (12+)
19.15 Х/Ф «СВОЙ СРЕДИ ЧУЖИХ, ЧУЖОЙ СРЕДИ СВОИХ» (6+)
21.10 Х/Ф «НЕСЛУЖЕБНОЕ ЗАДАНИЕ» (12+) (В 22.00 НОВОСТИ ДНЯ)
23.25 Х/Ф «ВЗРЫВ НА РАССВЕТЕ» (12+)
01.15 Х/Ф «ЧИСТАЯ ПОБЕДА» (16+)
03.30 Х/Ф «ПЕРЕСТУПИ ПОРОГ» (6+)
5
17.45 «ГОРОД НА КАРТЕ»
18.00 Х/Ф «ПИТЕР ФМ»
19.30 «ДОСТОЯНИЕ РЕСПУБЛИКИ. ЛУЧШЕЕ»
21.00 «СОБЫТИЯ. ИТОГИ» (16+)
21.50 Т/С «ТУЛЬСКИЙ-ТОКАРЕВ». 10-12 СЕРИИ, ЗАКЛЮЧИТЕЛЬНЫЕ (16+)
00.20 Х/Ф «ДЕЖАВЮ»
02.15 КОНЦЕРТ ПОЛА МАККАРТНИ
04.30 «ДЕЙСТВУЮЩИЕ ЛИЦА» (16+)
5.10 Т/С «ДЕТЕКТИВЫ» (16+)
6.20 МУЛЬТФИЛЬМЫ
9.35 ДЕНЬ АНГЕЛА
10.00 СЕЙЧАС
10.10 Т/С «СЛЕД» (16+)
18.00 СЕЙЧАС
19.00 Т/С «ГОНЧИЕ» (16+)
00.50 Х/Ф «МАФИЯ БЕССМЕРТНА» (16+)
02.35 Т/С «УЛИЦЫ РАЗБИТЫХ ФОНАРЕЙ - 2» (12+)
